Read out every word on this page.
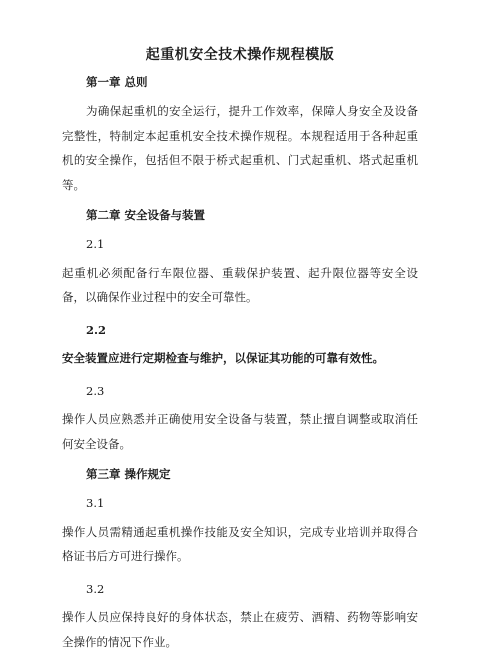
起重机安全技术操作规程模版
第一章 总则

为确保起重机的安全运行，提升工作效率，保障人身安全及设备完整性，特制定本起重机安全技术操作规程。本规程适用于各种起重机的安全操作，包括但不限于桥式起重机、门式起重机、塔式起重机等。

第二章 安全设备与装置
2.1

起重机必须配备行车限位器、重载保护装置、起升限位器等安全设备，以确保作业过程中的安全可靠性。

2.2

安全装置应进行定期检查与维护，以保证其功能的可靠有效性。

2.3

操作人员应熟悉并正确使用安全设备与装置，禁止擅自调整或取消任何安全设备。

第三章 操作规定
3.1

操作人员需精通起重机操作技能及安全知识，完成专业培训并取得合格证书后方可进行操作。

3.2

操作人员应保持良好的身体状态，禁止在疲劳、酒精、药物等影响安全操作的情况下作业。
